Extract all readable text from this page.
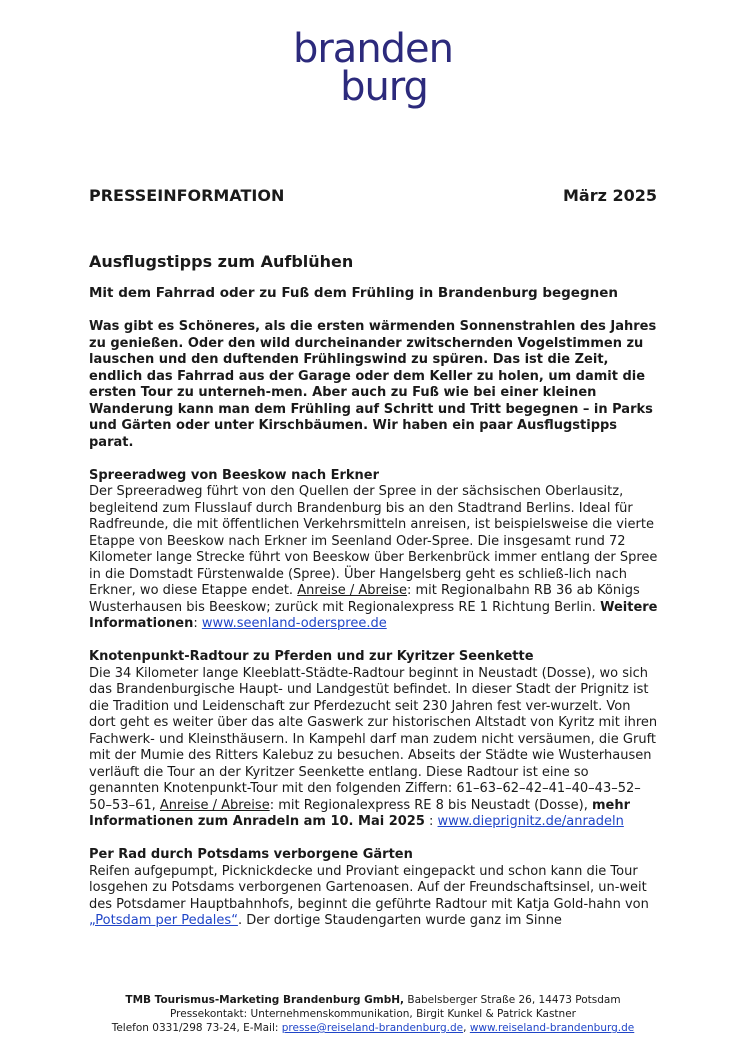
branden
burg
PRESSEINFORMATION	März 2025
Ausflugstipps zum Aufblühen
Mit dem Fahrrad oder zu Fuß dem Frühling in Brandenburg begegnen

Was gibt es Schöneres, als die ersten wärmenden Sonnenstrahlen des Jahres zu genießen. Oder den wild durcheinander zwitschernden Vogelstimmen zu lauschen und den duftenden Frühlingswind zu spüren. Das ist die Zeit, endlich das Fahrrad aus der Garage oder dem Keller zu holen, um damit die ersten Tour zu unterneh-men. Aber auch zu Fuß wie bei einer kleinen Wanderung kann man dem Frühling auf Schritt und Tritt begegnen – in Parks und Gärten oder unter Kirschbäumen. Wir haben ein paar Ausflugstipps parat.

Spreeradweg von Beeskow nach Erkner

Der Spreeradweg führt von den Quellen der Spree in der sächsischen Oberlausitz, begleitend zum Flusslauf durch Brandenburg bis an den Stadtrand Berlins. Ideal für Radfreunde, die mit öffentlichen Verkehrsmitteln anreisen, ist beispielsweise die vierte Etappe von Beeskow nach Erkner im Seenland Oder-Spree. Die insgesamt rund 72 Kilometer lange Strecke führt von Beeskow über Berkenbrück immer entlang der Spree in die Domstadt Fürstenwalde (Spree). Über Hangelsberg geht es schließ-lich nach Erkner, wo diese Etappe endet. Anreise / Abreise: mit Regionalbahn RB 36 ab Königs Wusterhausen bis Beeskow; zurück mit Regionalexpress RE 1 Richtung Berlin. Weitere Informationen: www.seenland-oderspree.de

Knotenpunkt-Radtour zu Pferden und zur Kyritzer Seenkette

Die 34 Kilometer lange Kleeblatt-Städte-Radtour beginnt in Neustadt (Dosse), wo sich das Brandenburgische Haupt- und Landgestüt befindet. In dieser Stadt der Prignitz ist die Tradition und Leidenschaft zur Pferdezucht seit 230 Jahren fest ver-wurzelt. Von dort geht es weiter über das alte Gaswerk zur historischen Altstadt von Kyritz mit ihren Fachwerk- und Kleinsthäusern. In Kampehl darf man zudem nicht versäumen, die Gruft mit der Mumie des Ritters Kalebuz zu besuchen. Abseits der Städte wie Wusterhausen verläuft die Tour an der Kyritzer Seenkette entlang. Diese Radtour ist eine so genannten Knotenpunkt-Tour mit den folgenden Ziffern: 61–63–62–42–41–40–43–52–50–53–61, Anreise / Abreise: mit Regionalexpress RE 8 bis Neustadt (Dosse), mehr Informationen zum Anradeln am 10. Mai 2025 : www.dieprignitz.de/anradeln

Per Rad durch Potsdams verborgene Gärten

Reifen aufgepumpt, Picknickdecke und Proviant eingepackt und schon kann die Tour losgehen zu Potsdams verborgenen Gartenoasen. Auf der Freundschaftsinsel, un-weit des Potsdamer Hauptbahnhofs, beginnt die geführte Radtour mit Katja Gold-hahn von „Potsdam per Pedales“. Der dortige Staudengarten wurde ganz im Sinne

TMB Tourismus-Marketing Brandenburg GmbH, Babelsberger Straße 26, 14473 Potsdam
Pressekontakt: Unternehmenskommunikation, Birgit Kunkel & Patrick Kastner
Telefon 0331/298 73-24, E-Mail: presse@reiseland-brandenburg.de, www.reiseland-brandenburg.de
